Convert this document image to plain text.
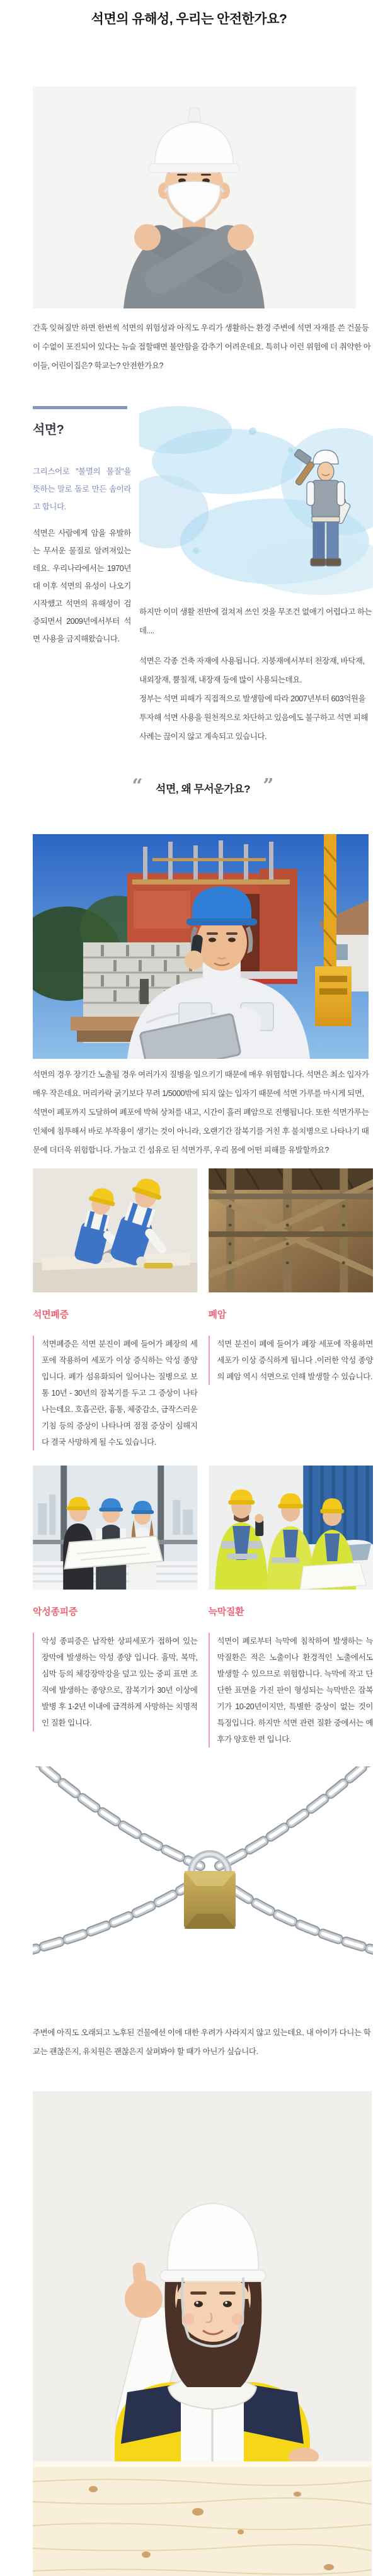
석면의 유해성, 우리는 안전한가요?

간혹 잊혀질만 하면 한번씩 석면의 위험성과 아직도 우리가 생활하는 환경 주변에 석면 자재를 쓴 건물등 이 수없이 포진되어 있다는 뉴슬 접할때면 불안함을 감추기 어려운데요. 특히나 이런 위험에 더 취약한 아이들, 어린이집은? 학교는? 안전한가요?

석면?

그리스어로 "불멸의 물질"을 뜻하는 말로 돌로 만든 솜이라고 합니다.

석면은 사람에게 암을 유발하는 무서운 물질로 알려져있는데요. 우리나라에서는 1970년대 이후 석면의 유성이 나오기 시작했고 석면의 유해성이 검증되면서 2009년에서부터 석면 사용을 금지해왔습니다.

하지만 이미 생활 전반에 걸쳐져 쓰인 것을 무조건 없애기 어렵다고 하는데....

석면은 각종 건축 자재에 사용됩니다. 지붕재에서부터 천장재, 바닥재, 내외장재, 뿜칠재, 내장재 등에 많이 사용되는데요.

정부는 석면 피해가 직접적으로 발생함에 따라 2007년부터 603억원을 투자해 석면 사용을 원천적으로 차단하고 있음에도 불구하고 석면 피해 사례는 끊이지 않고 계속되고 있습니다.

“ 석면, 왜 무서운가요? ”

석면의 경우 장기간 노출될 경우 여러가지 질병을 일으키기 때문에 매우 위험합니다. 석면은 최소 입자가 매우 작은데요. 머리카락 굵기보다 무려 1/5000밖에 되지 않는 입자기 때문에 석면 가루를 마시게 되면, 석면이 폐포까지 도달하여 폐포에 박혀 상처를 내고, 시간이 흘러 폐암으로 진행됩니다. 또한 석면가루는 인체에 침투해서 바로 부작용이 생기는 것이 아니라, 오랜기간 잠복기를 거친 후 불치병으로 나타나기 때문에 더더욱 위험합니다. 가늘고 긴 섬유로 된 석면가루, 우리 몸에 어떤 피해를 유발할까요?

석면폐증

석면폐증은 석면 분진이 폐에 들어가 폐장의 세포에 작용하여 세포가 이상 증식하는 악성 종양 입니다. 폐가 섬유화되어 일어나는 질병으로 보통 10년 - 30년의 잠복기를 두고 그 증상이 나타나는데요. 호흡곤란, 흉통, 체중감소, 급작스러운 기침 등의 증상이 나타나며 점점 증상이 심해지다 결국 사망하게 될 수도 있습니다.

폐암

석면 분진이 폐에 들어가 폐장 세포에 작용하면 세포가 이상 증식하게 됩니다 .이러한 악성 종양의 폐암 역시 석면으로 인해 발생할 수 있습니다.

악성종피증

악성 종피증은 납작한 상피세포가 접하여 있는 장막에 발생하는 악성 종양 입니다. 흉막, 복막, 심막 등의 체강장막강을 덮고 있는 중피 표면 조직에 발생하는 종양으로, 잠복기가 30년 이상에 발병 후 1-2년 이내에 급격하게 사망하는 치명적인 질환 입니다.

늑막질환

석면이 폐로부터 늑막에 침착하여 발생하는 늑막질환은 적은 노출이나 환경적인 노출에서도 발생할 수 있으므로 위험합니다. 늑막에 작고 단단한 표면을 가진 판이 형성되는 늑막반은 잠복기가 10-20년이지만, 특별한 증상이 없는 것이 특징입니다. 하지만 석면 관련 질환 중에서는 예후가 양호한 편 입니다.

주변에 아직도 오래되고 노후된 건물에선 이에 대한 우려가 사라지지 않고 있는데요. 내 아이가 다니는 학교는 괜찮은지, 유치원은 괜찮은지 살펴봐야 할 때가 아닌가 싶습니다.
